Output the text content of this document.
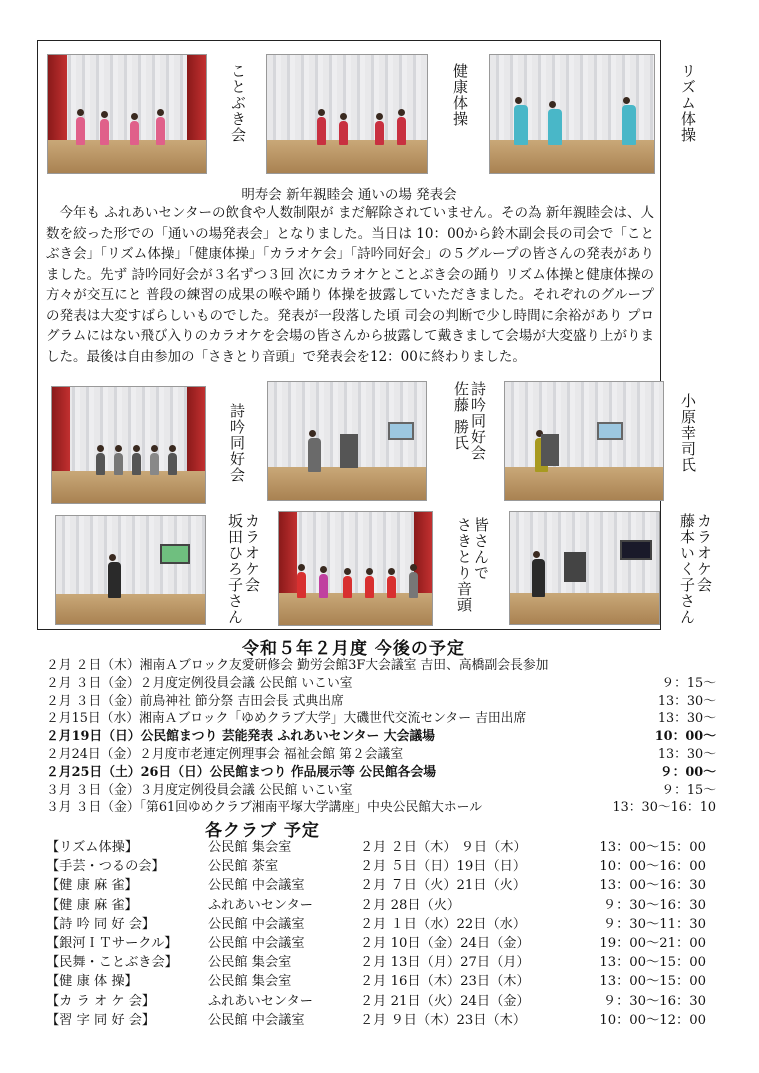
ことぶき会	健康体操	リズム体操
明寿会 新年親睦会 通いの場 発表会

今年も ふれあいセンターの飲食や人数制限が まだ解除されていません。その為 新年親睦会は、人数を絞った形での「通いの場発表会」となりました。当日は 10：00から鈴木副会長の司会で「ことぶき会」「リズム体操」「健康体操」「カラオケ会」「詩吟同好会」の５グループの皆さんの発表がありました。先ず 詩吟同好会が３名ずつ３回 次にカラオケとことぶき会の踊り リズム体操と健康体操の方々が交互にと 普段の練習の成果の喉や踊り 体操を披露していただきました。それぞれのグループの発表は大変すばらしいものでした。発表が一段落した頃 司会の判断で少し時間に余裕があり プログラムにはない飛び入りのカラオケを会場の皆さんから披露して戴きまして会場が大変盛り上がりました。最後は自由参加の「さきとり音頭」で発表会を12：00に終わりました。

詩吟同好会	詩吟同好会
佐藤 勝氏	小原幸司氏
カラオケ会
坂田ひろ子さん	皆さんで
さきとり音頭	カラオケ会
藤本いく子さん
令和５年２月度 今後の予定
２月 ２日（木）湘南Ａブロック友愛研修会 勤労会館3F大会議室 吉田、高橋副会長参加
２月 ３日（金）２月度定例役員会議 公民館 いこい室	９：15～
２月 ３日（金）前鳥神社 節分祭 吉田会長 式典出席	13：30～
２月15日（水）湘南Ａブロック「ゆめクラブ大学」大磯世代交流センター 吉田出席	13：30～
２月19日（日）公民館まつり 芸能発表 ふれあいセンター 大会議場	10：00～
２月24日（金）２月度市老連定例理事会 福祉会館 第２会議室	13：30～
２月25日（土）26日（日）公民館まつり 作品展示等 公民館各会場	９：00～
３月 ３日（金）３月度定例役員会議 公民館 いこい室	９：15～
３月 ３日（金）「第61回ゆめクラブ湘南平塚大学講座」中央公民館大ホール	13：30～16：10
各クラブ 予定
【リズム体操】	公民館 集会室	２月 ２日（木） ９日（木）	13：00～15：00
【手芸・つるの会】	公民館 茶室	２月 ５日（日）19日（日）	10：00～16：00
【健 康 麻 雀】	公民館 中会議室	２月 ７日（火）21日（火）	13：00～16：30
【健 康 麻 雀】	ふれあいセンター	２月 28日（火）	９：30～16：30
【詩 吟 同 好 会】	公民館 中会議室	２月 １日（水）22日（水）	９：30～11：30
【銀河ＩＴサークル】	公民館 中会議室	２月 10日（金）24日（金）	19：00～21：00
【民舞・ことぶき会】	公民館 集会室	２月 13日（月）27日（月）	13：00～15：00
【健 康 体 操】	公民館 集会室	２月 16日（木）23日（木）	13：00～15：00
【カ ラ オ ケ 会】	ふれあいセンター	２月 21日（火）24日（金）	９：30～16：30
【習 字 同 好 会】	公民館 中会議室	２月 ９日（木）23日（木）	10：00～12：00
